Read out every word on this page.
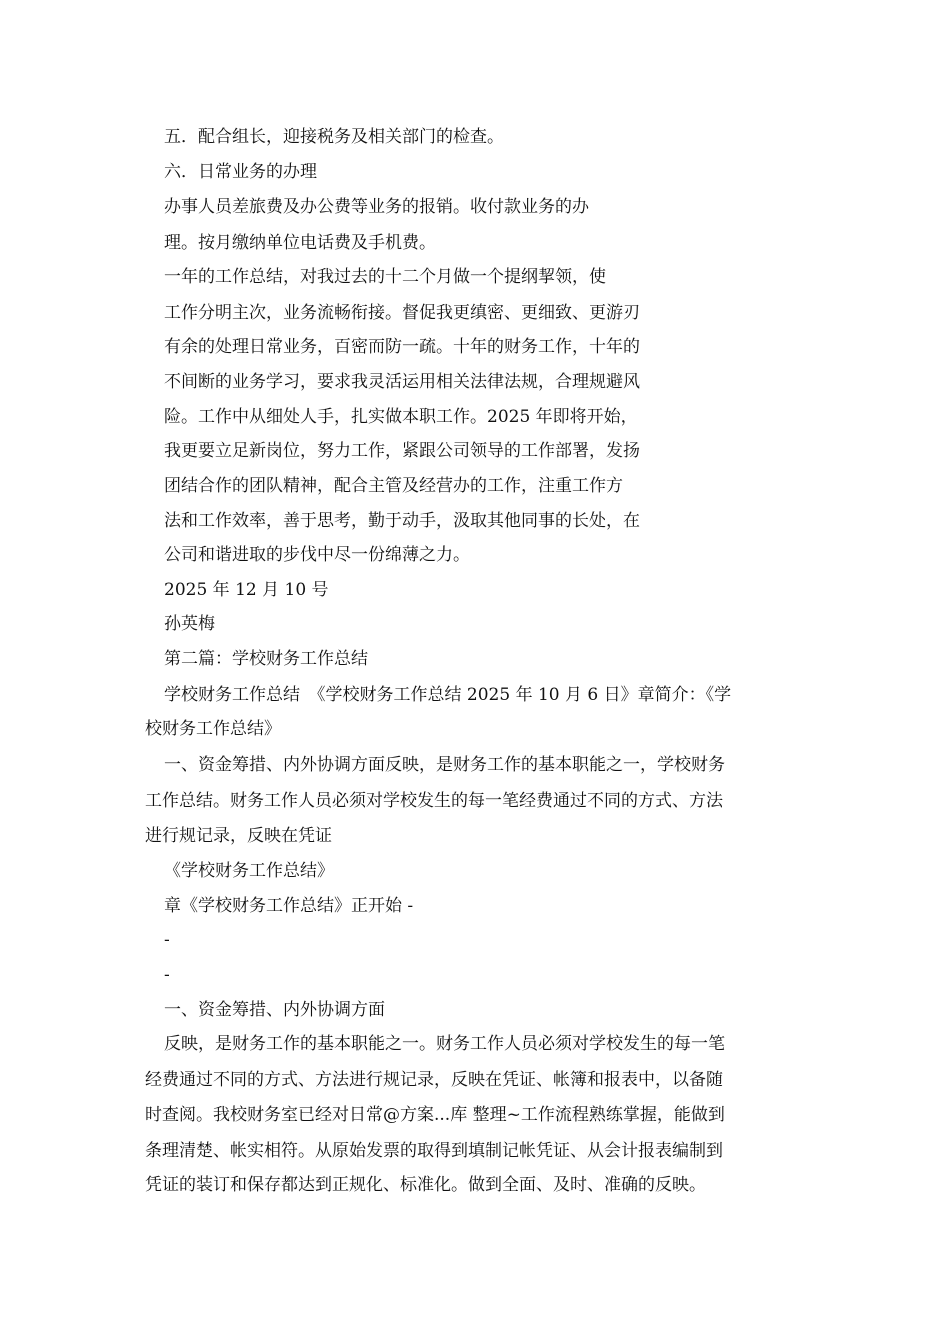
五．配合组长，迎接税务及相关部门的检查。
六．日常业务的办理
办事人员差旅费及办公费等业务的报销。收付款业务的办
理。按月缴纳单位电话费及手机费。
一年的工作总结，对我过去的十二个月做一个提纲挈领，使
工作分明主次，业务流畅衔接。督促我更缜密、更细致、更游刃
有余的处理日常业务，百密而防一疏。十年的财务工作，十年的
不间断的业务学习，要求我灵活运用相关法律法规，合理规避风
险。工作中从细处人手，扎实做本职工作。2025 年即将开始，
我更要立足新岗位，努力工作，紧跟公司领导的工作部署，发扬
团结合作的团队精神，配合主管及经营办的工作，注重工作方
法和工作效率，善于思考，勤于动手，汲取其他同事的长处，在
公司和谐进取的步伐中尽一份绵薄之力。
2025 年 12 月 10 号
孙英梅
第二篇：学校财务工作总结
学校财务工作总结　《学校财务工作总结 2025 年 10 月 6 日》章简介：《学
校财务工作总结》
一、资金筹措、内外协调方面反映，是财务工作的基本职能之一，学校财务
工作总结。财务工作人员必须对学校发生的每一笔经费通过不同的方式、方法
进行规记录，反映在凭证
《学校财务工作总结》
章《学校财务工作总结》正开始 -
-
-
一、资金筹措、内外协调方面
反映，是财务工作的基本职能之一。财务工作人员必须对学校发生的每一笔
经费通过不同的方式、方法进行规记录，反映在凭证、帐簿和报表中，以备随
时查阅。我校财务室已经对日常@方案...库 整理~工作流程熟练掌握，能做到
条理清楚、帐实相符。从原始发票的取得到填制记帐凭证、从会计报表编制到
凭证的装订和保存都达到正规化、标准化。做到全面、及时、准确的反映。
